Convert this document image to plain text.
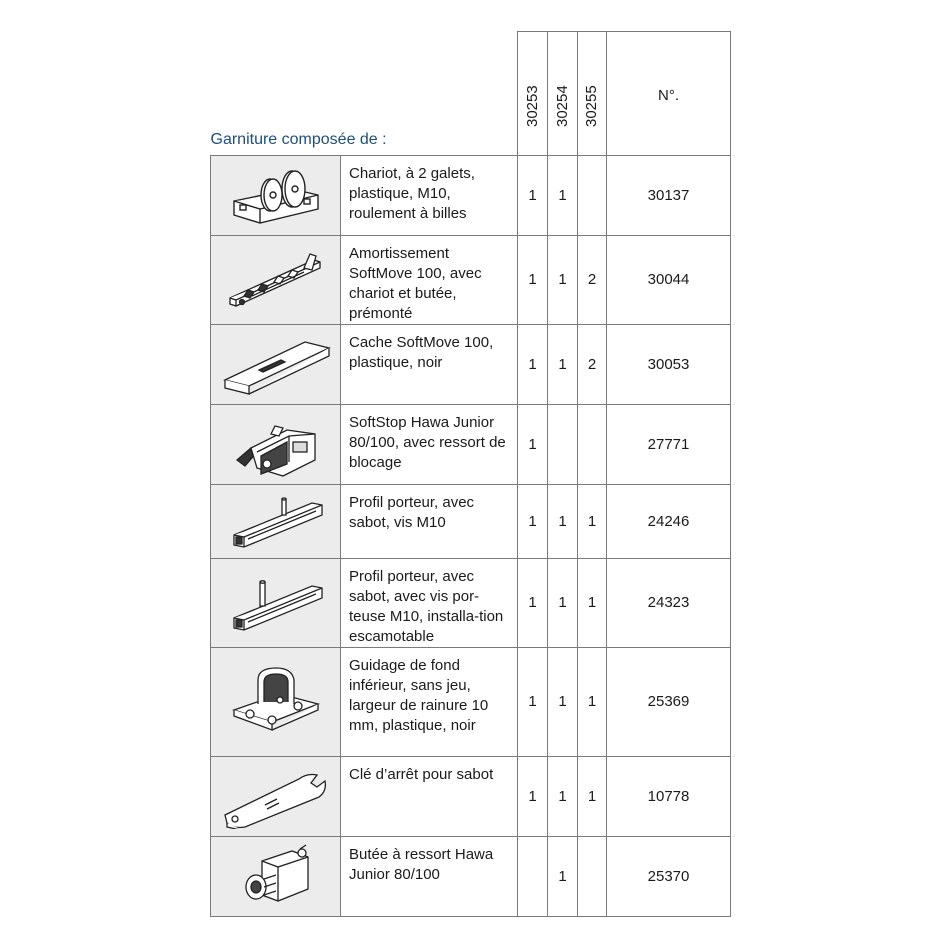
Garniture composée de :		30253	30254	30255	N°.

	Chariot, à 2 galets, plastique, M10, roulement à billes	1	1		30137

	Amortissement SoftMove 100, avec chariot et butée, prémonté	1	1	2	30044

	Cache SoftMove 100, plastique, noir	1	1	2	30053

	SoftStop Hawa Junior 80/100, avec ressort de blocage	1			27771

	Profil porteur, avec sabot, vis M10	1	1	1	24246

	Profil porteur, avec sabot, avec vis por-teuse M10, installa-tion escamotable	1	1	1	24323

	Guidage de fond inférieur, sans jeu, largeur de rainure 10 mm, plastique, noir	1	1	1	25369

	Clé d’arrêt pour sabot	1	1	1	10778

	Butée à ressort Hawa Junior 80/100		1		25370
